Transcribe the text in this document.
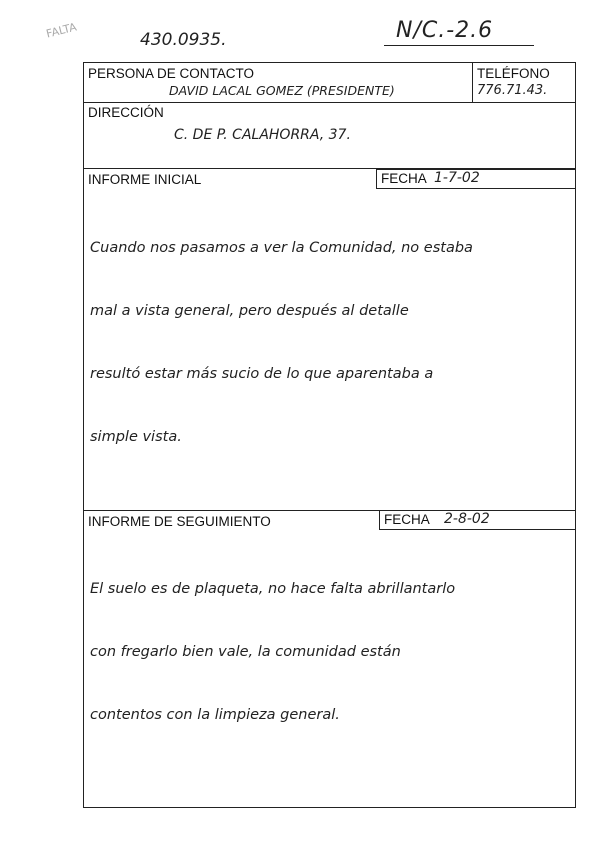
FALTA	430.0935.	N/C.-2.6
PERSONA DE CONTACTO
DAVID LACAL GOMEZ (PRESIDENTE)
TELÉFONO
776.71.43.
DIRECCIÓN
C. DE P. CALAHORRA, 37.
INFORME INICIAL	FECHA 1-7-02

Cuando nos pasamos a ver la Comunidad, no estaba

mal a vista general, pero después al detalle

resultó estar más sucio de lo que aparentaba a

simple vista.

INFORME DE SEGUIMIENTO	FECHA 2-8-02

El suelo es de plaqueta, no hace falta abrillantarlo

con fregarlo bien vale, la comunidad están

contentos con la limpieza general.
